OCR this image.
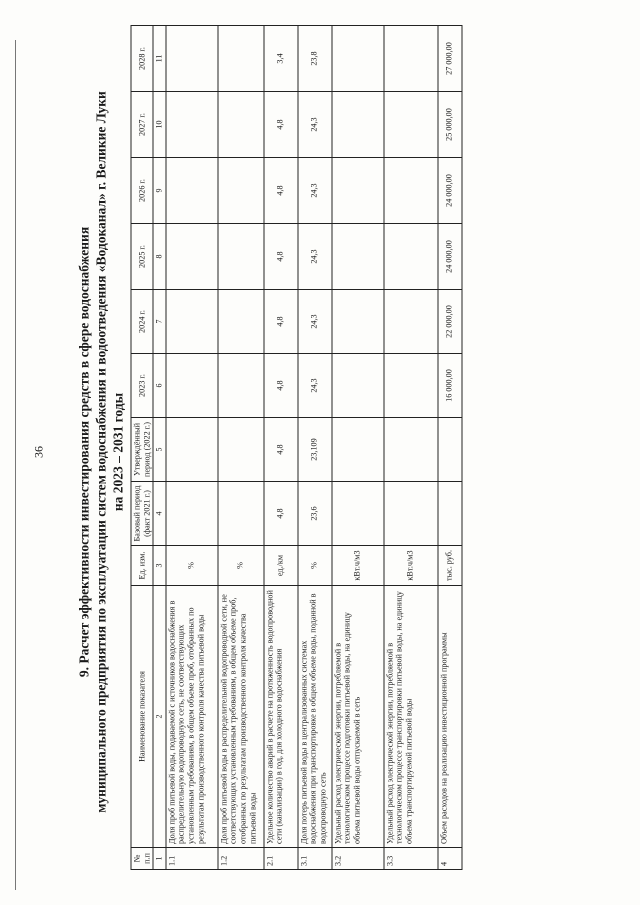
36 9. Расчет эффективности инвестирования средств в сфере водоснабжения муниципального предприятия по эксплуатации систем водоснабжения и водоотведения «Водоканал» г. Великие Луки на 2023 – 2031 годы
№ п.п	Наименование показателя	Ед. изм.	Базовый период (факт 2021 г.)	Утверждённый период (2022 г.)	2023 г.	2024 г.	2025 г.	2026 г.	2027 г.	2028 г.
1	2	3	4	5	6	7	8	9	10	11
1.1	Доля проб питьевой воды, подаваемой с источников водоснабжения в распределительную водопроводную сеть, не соответствующих установленным требованиям, в общем объеме проб, отобранных по результатам производственного контроля качества питьевой воды	%								
1.2	Доля проб питьевой воды в распределительной водопроводной сети, не соответствующих установленным требованиям, в общем объеме проб, отобранных по результатам производственного контроля качества питьевой воды	%								
2.1	Удельное количество аварий в расчете на протяженность водопроводной сети (канализации) в год, для холодного водоснабжения	ед./км	4,8	4,8	4,8	4,8	4,8	4,8	4,8	3,4
3.1	Доля потерь питьевой воды в централизованных системах водоснабжения при транспортировке в общем объеме воды, поданной в водопроводную сеть	%	23,6	23,109	24,3	24,3	24,3	24,3	24,3	23,8
3.2	Удельный расход электрической энергии, потребляемой в технологическом процессе подготовки питьевой воды, на единицу объема питьевой воды отпускаемой в сеть	кВт.ч/м3								
3.3	Удельный расход электрической энергии, потребляемой в технологическом процессе транспортировки питьевой воды, на единицу объема транспортируемой питьевой воды	кВт.ч/м3								
4	Объем расходов на реализацию инвестиционной программы	тыс. руб.			16 000,00	22 000,00	24 000,00	24 000,00	25 000,00	27 000,00
